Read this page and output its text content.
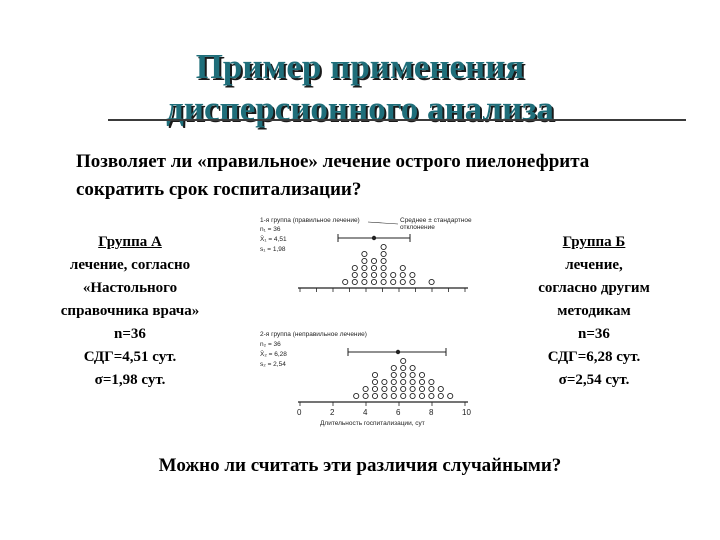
Пример применения
дисперсионного анализа
Позволяет ли «правильное» лечение острого пиелонефрита сократить срок госпитализации?
Группа А
лечение, согласно
«Настольного
справочника врача»
n=36
СДГ=4,51 сут.
σ=1,98 сут.
Группа Б
лечение,
согласно другим
методикам
n=36
СДГ=6,28 сут.
σ=2,54 сут.
1-я группа (правильное лечение)
n₁ = 36
X̄₁ = 4,51
s₁ = 1,98
Среднее ± стандартное отклонение
2-я группа (неправильное лечение)
n₂ = 36
X̄₂ = 6,28
s₂ = 2,54
0	2	4	6	8	10
Длительность госпитализации, сут
Можно ли считать эти различия случайными?
